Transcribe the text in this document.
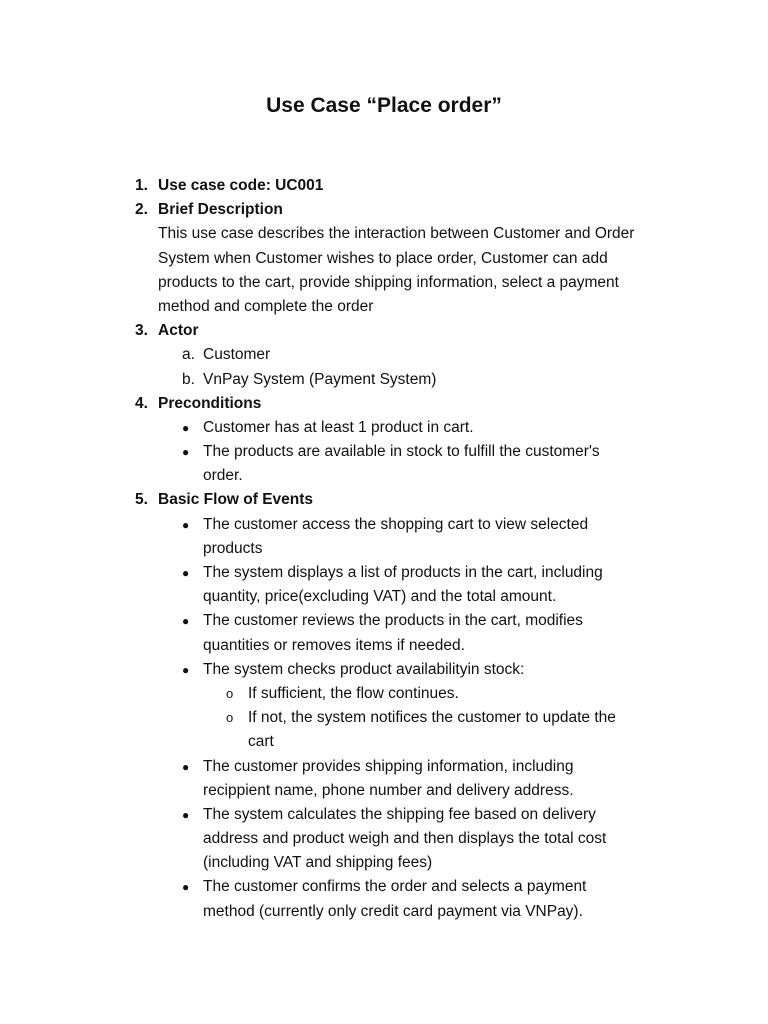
Use Case “Place order”
1. Use case code: UC001
2. Brief Description
This use case describes the interaction between Customer and Order
System when Customer wishes to place order, Customer can add
products to the cart, provide shipping information, select a payment
method and complete the order
3. Actor
a. Customer
b. VnPay System (Payment System)
4. Preconditions
● Customer has at least 1 product in cart.
● The products are available in stock to fulfill the customer's
order.
5. Basic Flow of Events
● The customer access the shopping cart to view selected
products
● The system displays a list of products in the cart, including
quantity, price(excluding VAT) and the total amount.
● The customer reviews the products in the cart, modifies
quantities or removes items if needed.
● The system checks product availabilityin stock:
o If sufficient, the flow continues.
o If not, the system notifices the customer to update the
cart
● The customer provides shipping information, including
recippient name, phone number and delivery address.
● The system calculates the shipping fee based on delivery
address and product weigh and then displays the total cost
(including VAT and shipping fees)
● The customer confirms the order and selects a payment
method (currently only credit card payment via VNPay).
